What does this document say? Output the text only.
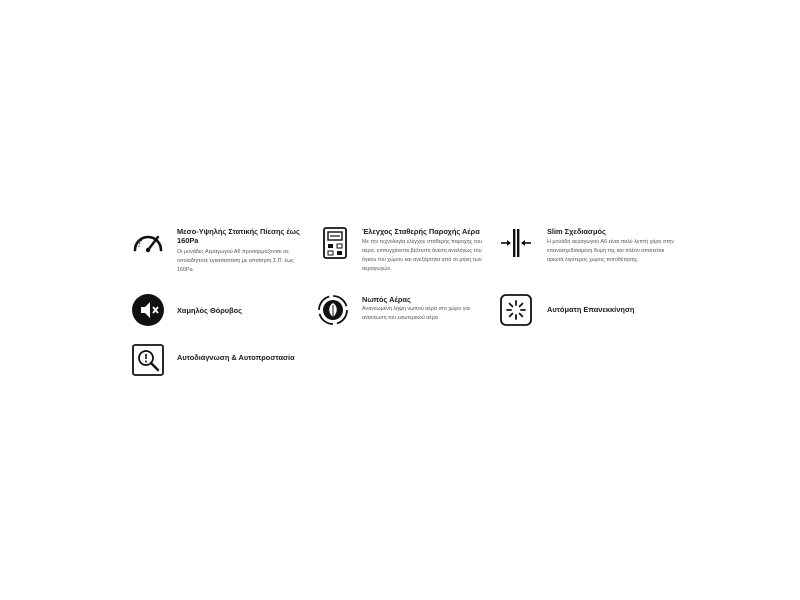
Μεσο-Υψηλής Στατικής Πίεσης έως
160Pa
Οι μονάδες Αεραγωγού Α6 προσαρμόζονται σε οποιαδήποτε εγκατάσταση με απαίτηση Σ.Π. έως 160Pa
Έλεγχος Σταθερής Παροχής Αέρα
Με την τεχνολογία ελέγχου σταθερής παροχής του αέρα, επιτυγχάνεται βέλτιστη άνεση αναλόγως του όγκου του χώρου και ανεξάρτητα από το μήκη των αεραγωγών.
Slim Σχεδιασμός
Η μονάδα αεραγωγού Α6 είναι πολύ λεπτή χάρη στην επανασχεδιασμένη δομή της και πλέον απαιτείται αρκετά λιγότερος χώρος τοποθέτησης.
Χαμηλός Θόρυβος
Νωπός Αέρας
Ανανεωμένη λήψη νωπού αέρα στο χώρο για ανανέωση του εσωτερικού αέρα
Αυτόματη Επανεκκίνηση
Αυτοδιάγνωση & Αυτοπροστασία
